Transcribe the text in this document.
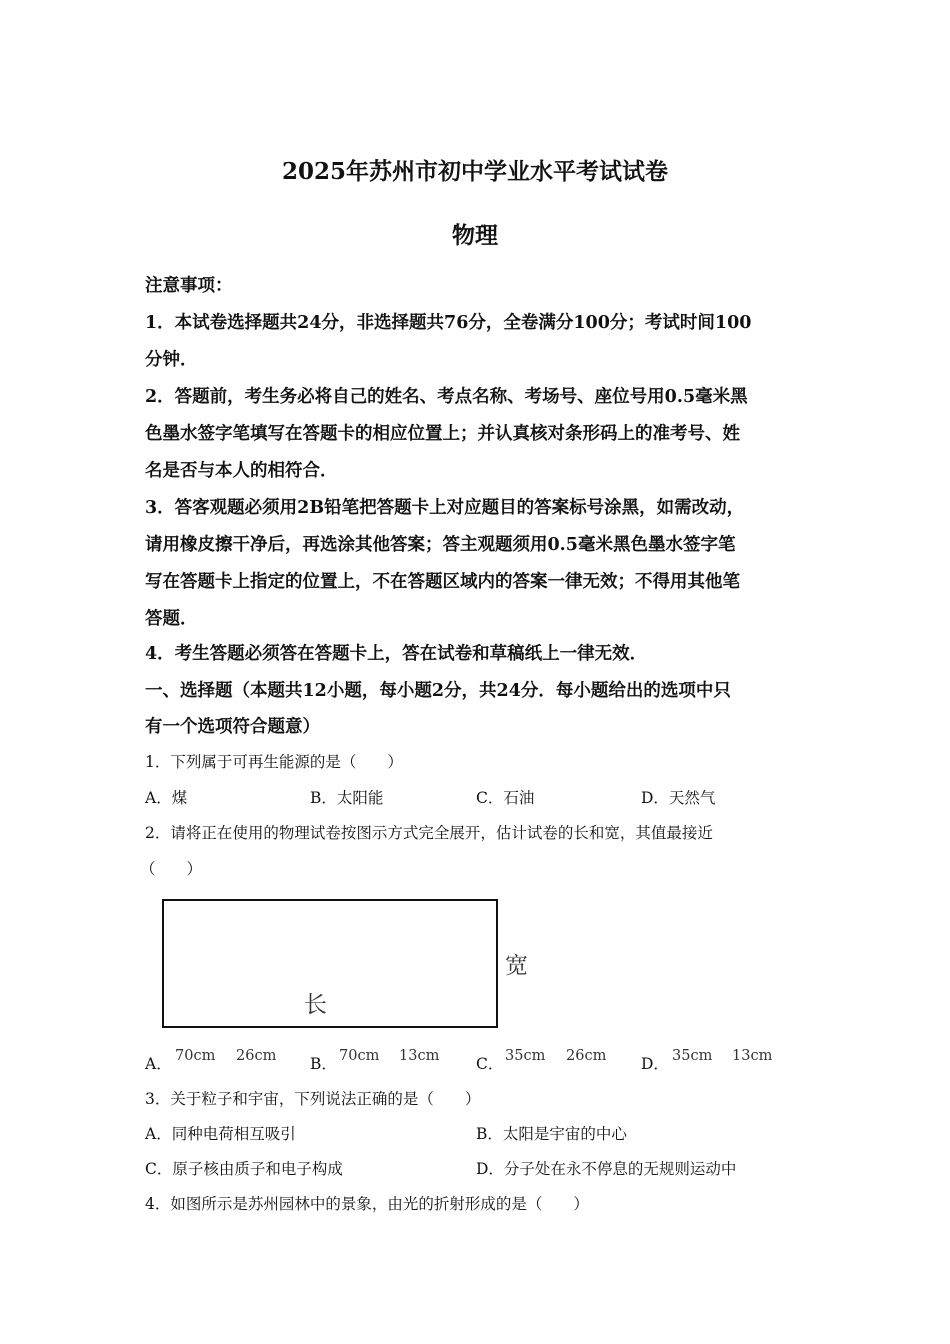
2025年苏州市初中学业水平考试试卷
物理
注意事项：
1．本试卷选择题共24分，非选择题共76分，全卷满分100分；考试时间100
分钟．
2．答题前，考生务必将自己的姓名、考点名称、考场号、座位号用0.5毫米黑
色墨水签字笔填写在答题卡的相应位置上；并认真核对条形码上的准考号、姓
名是否与本人的相符合．
3．答客观题必须用2B铅笔把答题卡上对应题目的答案标号涂黑，如需改动，
请用橡皮擦干净后，再选涂其他答案；答主观题须用0.5毫米黑色墨水签字笔
写在答题卡上指定的位置上，不在答题区域内的答案一律无效；不得用其他笔
答题．
4．考生答题必须答在答题卡上，答在试卷和草稿纸上一律无效．
一、选择题（本题共12小题，每小题2分，共24分．每小题给出的选项中只
有一个选项符合题意）
1．下列属于可再生能源的是（　　）
A．煤	B．太阳能	C．石油	D．天然气
2．请将正在使用的物理试卷按图示方式完全展开，估计试卷的长和宽，其值最接近
（　　）
长
宽
A． 70cm 26cm B． 70cm 13cm C． 35cm 26cm D． 35cm 13cm
3．关于粒子和宇宙，下列说法正确的是（　　）
A．同种电荷相互吸引	B．太阳是宇宙的中心
C．原子核由质子和电子构成	D．分子处在永不停息的无规则运动中
4．如图所示是苏州园林中的景象，由光的折射形成的是（　　）
